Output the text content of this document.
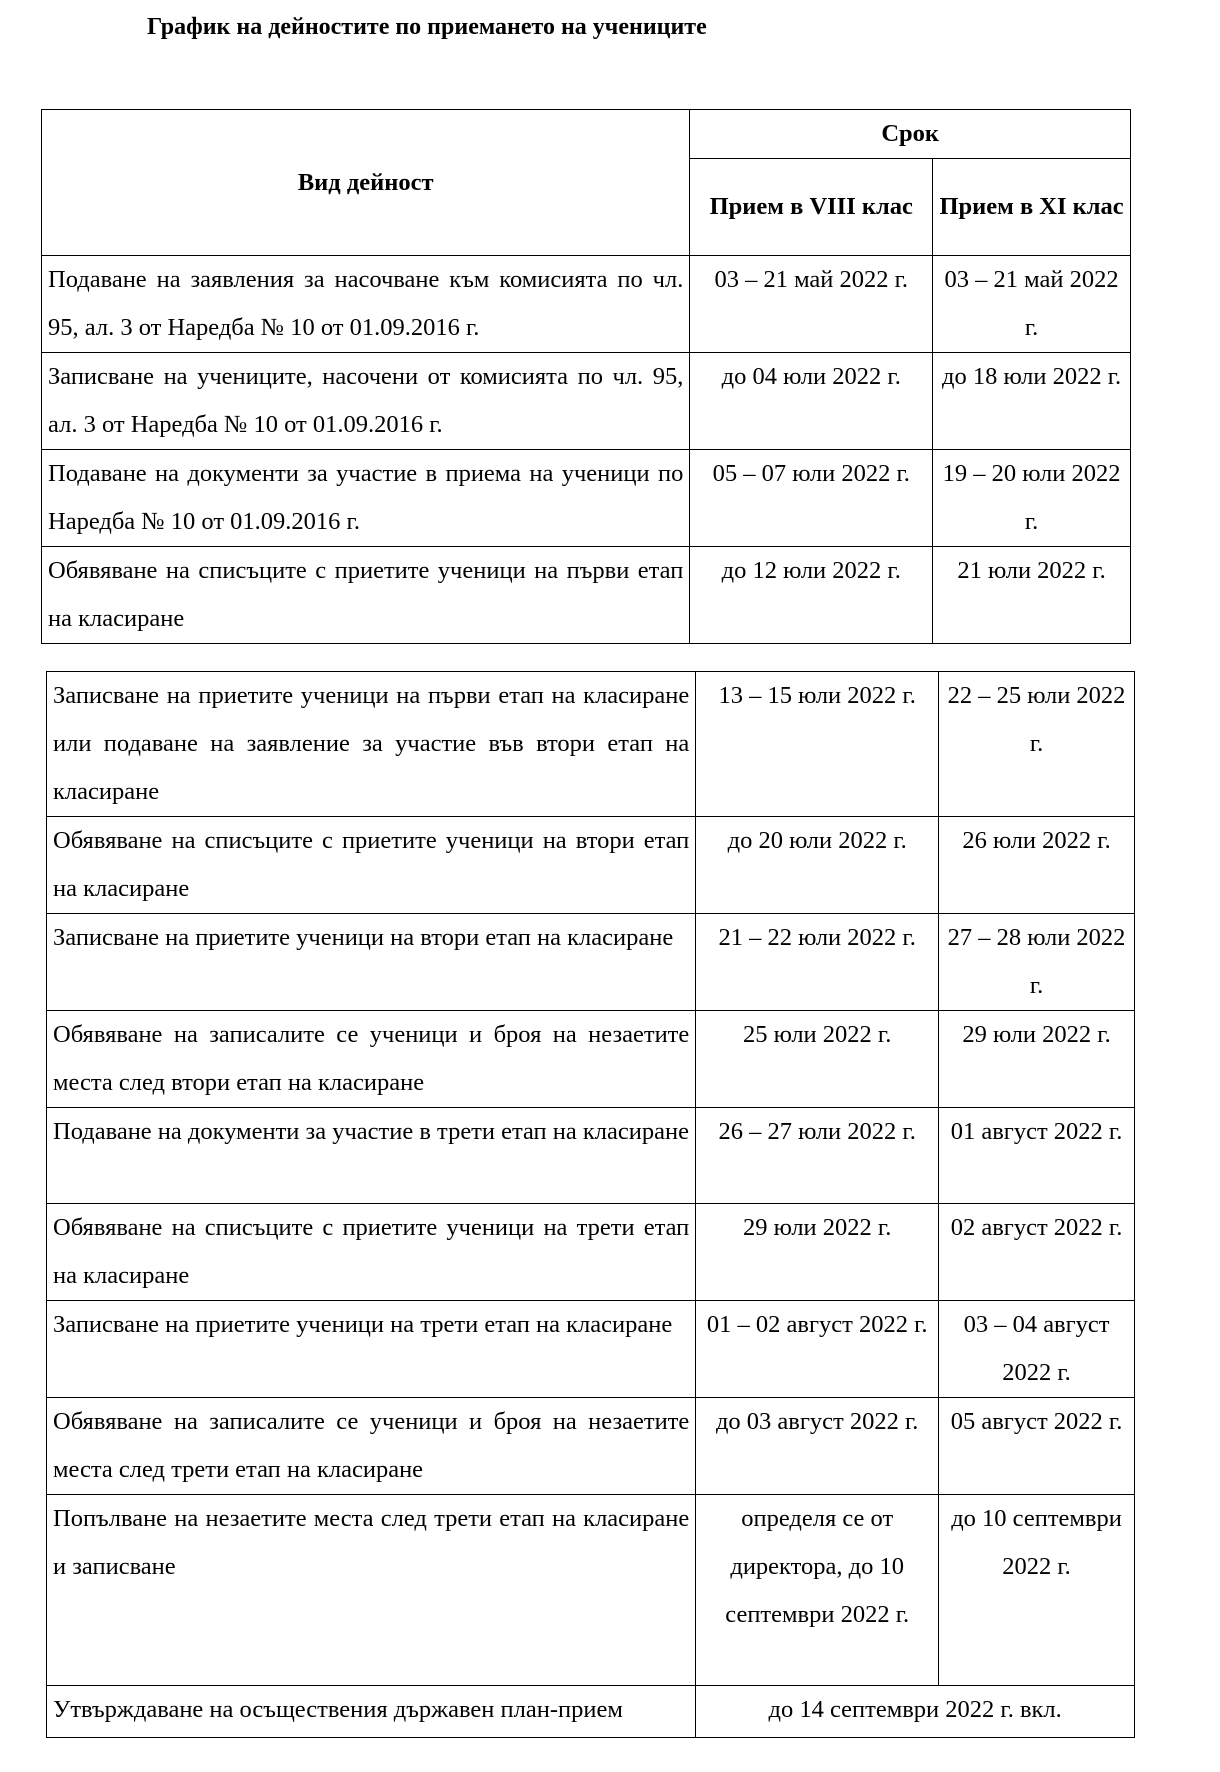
График на дейностите по приемането на учениците
Вид дейност	Срок	
	Прием в VIII клас	Прием в XI клас
Подаване на заявления за насочване към комисията по чл. 95, ал. 3 от Наредба № 10 от 01.09.2016 г.	03 – 21 май 2022 г.	03 – 21 май 2022 г.
Записване на учениците, насочени от комисията по чл. 95, ал. 3 от Наредба № 10 от 01.09.2016 г.	до 04 юли 2022 г.	до 18 юли 2022 г.
Подаване на документи за участие в приема на ученици по Наредба № 10 от 01.09.2016 г.	05 – 07 юли 2022 г.	19 – 20 юли 2022 г.
Обявяване на списъците с приетите ученици на първи етап на класиране	до 12 юли 2022 г.	21 юли 2022 г.
Записване на приетите ученици на първи етап на класиране или подаване на заявление за участие във втори етап на класиране	13 – 15 юли 2022 г.	22 – 25 юли 2022 г.
Обявяване на списъците с приетите ученици на втори етап на класиране	до 20 юли 2022 г.	26 юли 2022 г.
Записване на приетите ученици на втори етап на класиране	21 – 22 юли 2022 г.	27 – 28 юли 2022 г.
Обявяване на записалите се ученици и броя на незаетите места след втори етап на класиране	25 юли 2022 г.	29 юли 2022 г.
Подаване на документи за участие в трети етап на класиране	26 – 27 юли 2022 г.	01 август 2022 г.
Обявяване на списъците с приетите ученици на трети етап на класиране	29 юли 2022 г.	02 август 2022 г.
Записване на приетите ученици на трети етап на класиране	01 – 02 август 2022 г.	03 – 04 август 2022 г.
Обявяване на записалите се ученици и броя на незаетите места след трети етап на класиране	до 03 август 2022 г.	05 август 2022 г.
Попълване на незаетите места след трети етап на класиране и записване	определя се от директора, до 10 септември 2022 г.	до 10 септември 2022 г.
Утвърждаване на осъществения държавен план-прием	до 14 септември 2022 г. вкл.	
